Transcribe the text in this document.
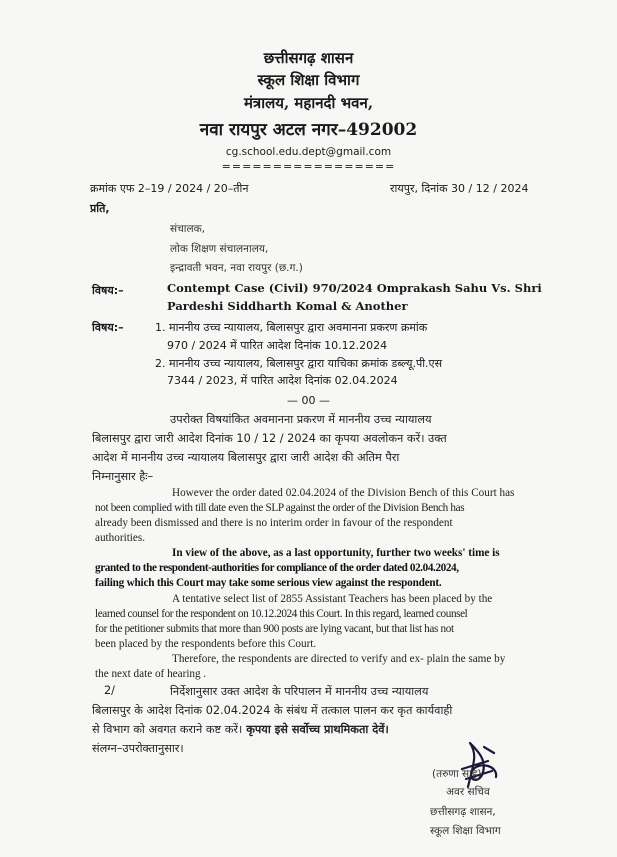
छत्तीसगढ़ शासन
स्कूल शिक्षा विभाग
मंत्रालय, महानदी भवन,
नवा रायपुर अटल नगर–492002
cg.school.edu.dept@gmail.com
=================
क्रमांक एफ 2–19 / 2024 / 20–तीन	रायपुर, दिनांक 30 / 12 / 2024
प्रति,
संचालक,
लोक शिक्षण संचालनालय,
इन्द्रावती भवन, नवा रायपुर (छ.ग.)
विषय:–	Contempt Case (Civil) 970/2024 Omprakash Sahu Vs. Shri
Pardeshi Siddharth Komal & Another
विषय:–	1. माननीय उच्च न्यायालय, बिलासपुर द्वारा अवमानना प्रकरण क्रमांक
970 / 2024 में पारित आदेश दिनांक 10.12.2024
2. माननीय उच्च न्यायालय, बिलासपुर द्वारा याचिका क्रमांक डब्ल्यू.पी.एस
7344 / 2023, में पारित आदेश दिनांक 02.04.2024
— 00 —
उपरोक्त विषयांकित अवमानना प्रकरण में माननीय उच्च न्यायालय
बिलासपुर द्वारा जारी आदेश दिनांक 10 / 12 / 2024 का कृपया अवलोकन करें। उक्त
आदेश में माननीय उच्च न्यायालय बिलासपुर द्वारा जारी आदेश की अतिम पैरा
निम्नानुसार हैः–
However the order dated 02.04.2024 of the Division Bench of this Court has
not been complied with till date even the SLP against the order of the Division Bench has
already been dismissed and there is no interim order in favour of the respondent
authorities.
In view of the above, as a last opportunity, further two weeks' time is
granted to the respondent-authorities for compliance of the order dated 02.04.2024,
failing which this Court may take some serious view against the respondent.
A tentative select list of 2855 Assistant Teachers has been placed by the
learned counsel for the respondent on 10.12.2024 this Court. In this regard, learned counsel
for the petitioner submits that more than 900 posts are lying vacant, but that list has not
been placed by the respondents before this Court.
Therefore, the respondents are directed to verify and ex- plain the same by
the next date of hearing .
2/	निर्देशानुसार उक्त आदेश के परिपालन में माननीय उच्च न्यायालय
बिलासपुर के आदेश दिनांक 02.04.2024 के संबंध में तत्काल पालन कर कृत कार्यवाही
से विभाग को अवगत कराने कष्ट करें। कृपया इसे सर्वोच्च प्राथमिकता देवें।
संलग्न–उपरोक्तानुसार।
(तरुणा साहू)
अवर सचिव
छत्तीसगढ़ शासन,
स्कूल शिक्षा विभाग
